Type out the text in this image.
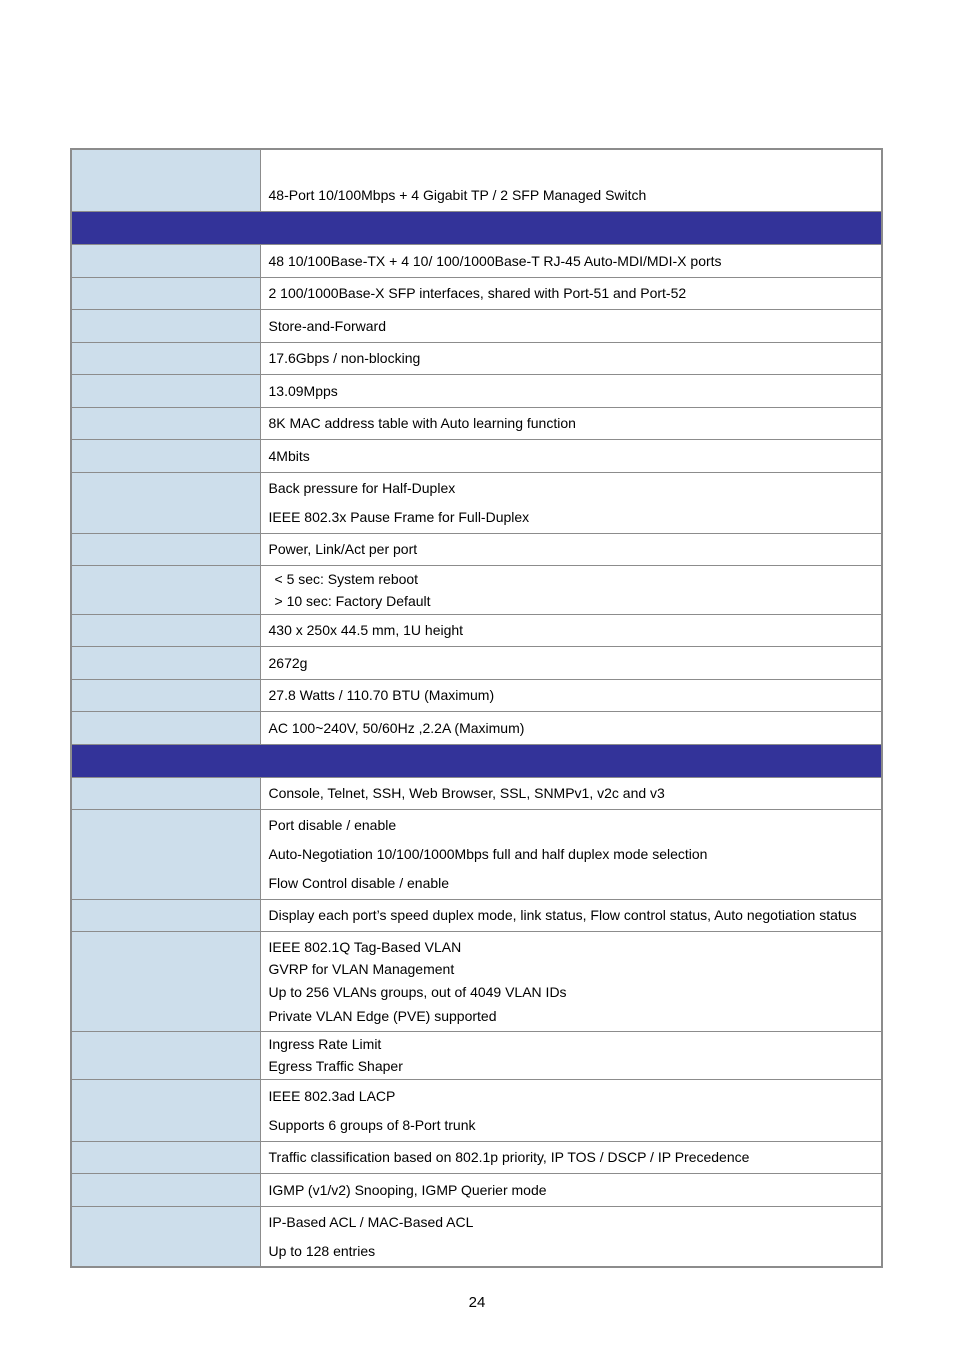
	48-Port 10/100Mbps + 4 Gigabit TP / 2 SFP Managed Switch

	48 10/100Base-TX + 4 10/ 100/1000Base-T RJ-45 Auto-MDI/MDI-X ports

	2 100/1000Base-X SFP interfaces, shared with Port-51 and Port-52

	Store-and-Forward

	17.6Gbps / non-blocking

	13.09Mpps

	8K MAC address table with Auto learning function

	4Mbits

	Back pressure for Half-Duplex
IEEE 802.3x Pause Frame for Full-Duplex

	Power, Link/Act per port

	< 5 sec: System reboot
> 10 sec: Factory Default

	430 x 250x 44.5 mm, 1U height

	2672g

	27.8 Watts / 110.70 BTU (Maximum)

	AC 100~240V, 50/60Hz ,2.2A (Maximum)

	Console, Telnet, SSH, Web Browser, SSL, SNMPv1, v2c and v3

	Port disable / enable
Auto-Negotiation 10/100/1000Mbps full and half duplex mode selection
Flow Control disable / enable

	Display each port’s speed duplex mode, link status, Flow control status, Auto negotiation status

	IEEE 802.1Q Tag-Based VLAN
GVRP for VLAN Management
Up to 256 VLANs groups, out of 4049 VLAN IDs
Private VLAN Edge (PVE) supported

	Ingress Rate Limit
Egress Traffic Shaper

	IEEE 802.3ad LACP
Supports 6 groups of 8-Port trunk

	Traffic classification based on 802.1p priority, IP TOS / DSCP / IP Precedence

	IGMP (v1/v2) Snooping, IGMP Querier mode

	IP-Based ACL / MAC-Based ACL
Up to 128 entries
24
